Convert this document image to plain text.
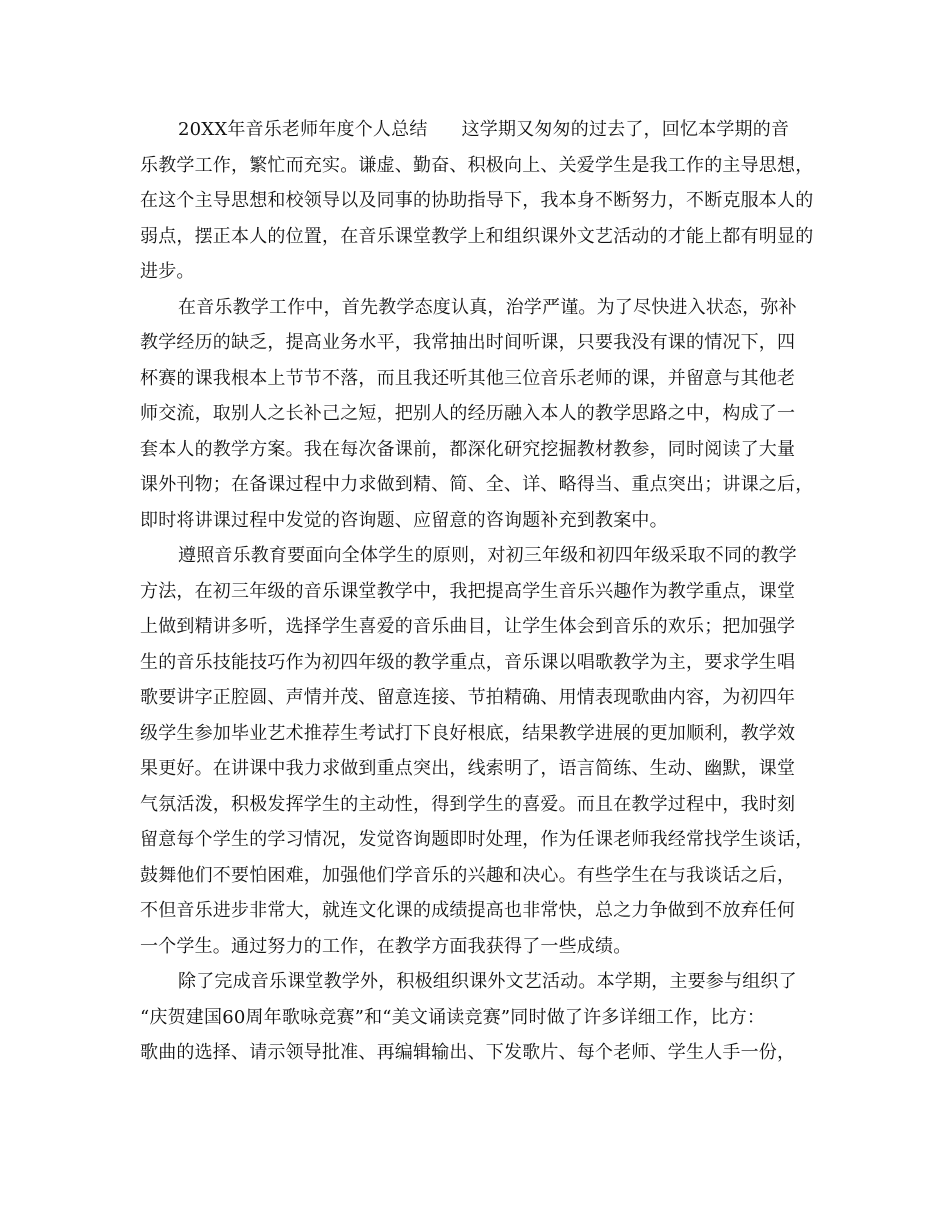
20XX年音乐老师年度个人总结 这学期又匆匆的过去了，回忆本学期的音
乐教学工作，繁忙而充实。谦虚、勤奋、积极向上、关爱学生是我工作的主导思想，
在这个主导思想和校领导以及同事的协助指导下，我本身不断努力，不断克服本人的
弱点，摆正本人的位置，在音乐课堂教学上和组织课外文艺活动的才能上都有明显的
进步。
在音乐教学工作中，首先教学态度认真，治学严谨。为了尽快进入状态，弥补
教学经历的缺乏，提高业务水平，我常抽出时间听课，只要我没有课的情况下，四
杯赛的课我根本上节节不落，而且我还听其他三位音乐老师的课，并留意与其他老
师交流，取别人之长补己之短，把别人的经历融入本人的教学思路之中，构成了一
套本人的教学方案。我在每次备课前，都深化研究挖掘教材教参，同时阅读了大量
课外刊物；在备课过程中力求做到精、简、全、详、略得当、重点突出；讲课之后，
即时将讲课过程中发觉的咨询题、应留意的咨询题补充到教案中。
遵照音乐教育要面向全体学生的原则，对初三年级和初四年级采取不同的教学
方法，在初三年级的音乐课堂教学中，我把提高学生音乐兴趣作为教学重点，课堂
上做到精讲多听，选择学生喜爱的音乐曲目，让学生体会到音乐的欢乐；把加强学
生的音乐技能技巧作为初四年级的教学重点，音乐课以唱歌教学为主，要求学生唱
歌要讲字正腔圆、声情并茂、留意连接、节拍精确、用情表现歌曲内容，为初四年
级学生参加毕业艺术推荐生考试打下良好根底，结果教学进展的更加顺利，教学效
果更好。在讲课中我力求做到重点突出，线索明了，语言简练、生动、幽默，课堂
气氛活泼，积极发挥学生的主动性，得到学生的喜爱。而且在教学过程中，我时刻
留意每个学生的学习情况，发觉咨询题即时处理，作为任课老师我经常找学生谈话，
鼓舞他们不要怕困难，加强他们学音乐的兴趣和决心。有些学生在与我谈话之后，
不但音乐进步非常大，就连文化课的成绩提高也非常快，总之力争做到不放弃任何
一个学生。通过努力的工作，在教学方面我获得了一些成绩。
除了完成音乐课堂教学外，积极组织课外文艺活动。本学期，主要参与组织了
“庆贺建国60周年歌咏竞赛”和“美文诵读竞赛”同时做了许多详细工作，比方：
歌曲的选择、请示领导批准、再编辑输出、下发歌片、每个老师、学生人手一份，
